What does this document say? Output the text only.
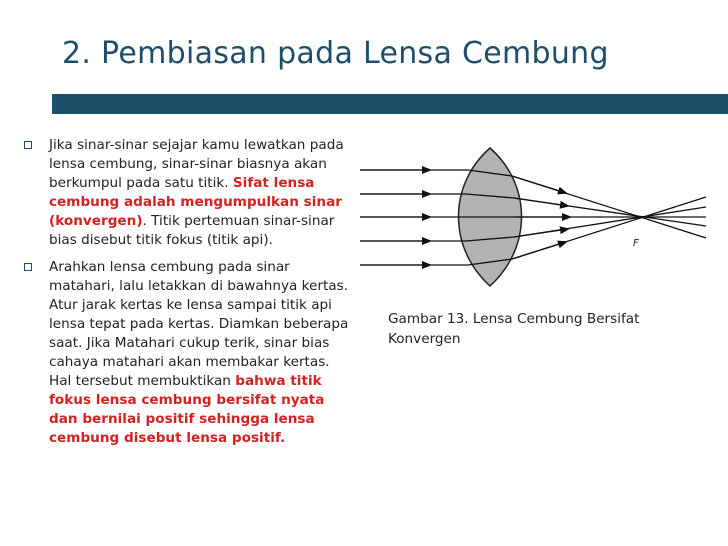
2. Pembiasan pada Lensa Cembung
Jika sinar-sinar sejajar kamu lewatkan pada lensa cembung, sinar-sinar biasnya akan berkumpul pada satu titik. Sifat lensa cembung adalah mengumpulkan sinar (konvergen). Titik pertemuan sinar-sinar bias disebut titik fokus (titik api).
Arahkan lensa cembung pada sinar matahari, lalu letakkan di bawahnya kertas. Atur jarak kertas ke lensa sampai titik api lensa tepat pada kertas. Diamkan beberapa saat. Jika Matahari cukup terik, sinar bias cahaya matahari akan membakar kertas. Hal tersebut membuktikan bahwa titik fokus lensa cembung bersifat nyata dan bernilai positif sehingga lensa cembung disebut lensa positif.
F
Gambar 13. Lensa Cembung Bersifat Konvergen
